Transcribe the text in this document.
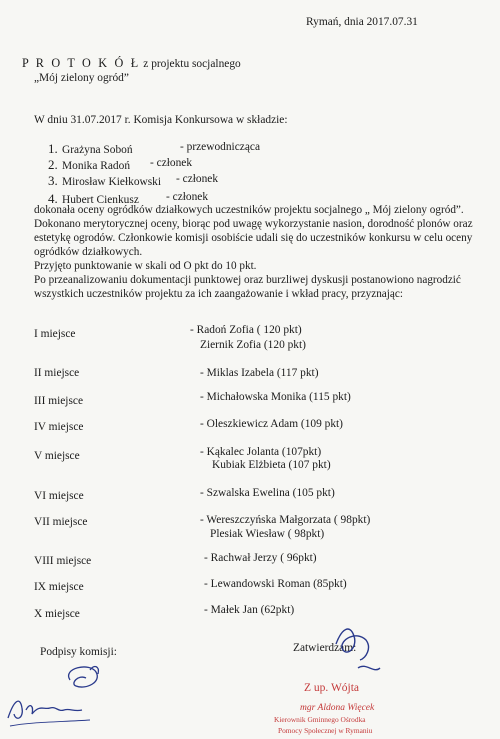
Rymań, dnia 2017.07.31
P R O T O K Ó Ł z projektu socjalnego
„Mój zielony ogród”
W dniu 31.07.2017 r. Komisja Konkursowa w składzie:
1. Grażyna Soboń	- przewodnicząca
2. Monika Radoń - członek
3. Mirosław Kiełkowski - członek
4. Hubert Cienkusz - członek
dokonała oceny ogródków działkowych uczestników projektu socjalnego „ Mój zielony ogród”.
Dokonano merytorycznej oceny, biorąc pod uwagę wykorzystanie nasion, dorodność plonów oraz
estetykę ogrodów. Członkowie komisji osobiście udali się do uczestników konkursu w celu oceny
ogródków działkowych.
Przyjęto punktowanie w skali od O pkt do 10 pkt.
Po przeanalizowaniu dokumentacji punktowej oraz burzliwej dyskusji postanowiono nagrodzić
wszystkich uczestników projektu za ich zaangażowanie i wkład pracy, przyznając:
I miejsce	- Radoń Zofia ( 120 pkt)
Ziernik Zofia (120 pkt)
II miejsce	- Miklas Izabela (117 pkt)
III miejsce	- Michałowska Monika (115 pkt)
IV miejsce	- Oleszkiewicz Adam (109 pkt)
V miejsce	- Kąkalec Jolanta (107pkt)
Kubiak Elżbieta (107 pkt)
VI miejsce	- Szwalska Ewelina (105 pkt)
VII miejsce	- Wereszczyńska Małgorzata ( 98pkt)
Plesiak Wiesław ( 98pkt)
VIII miejsce	- Rachwał Jerzy ( 96pkt)
IX miejsce	- Lewandowski Roman (85pkt)
X miejsce	- Małek Jan (62pkt)
Podpisy komisji:	Zatwierdzam:
Z up. Wójta
mgr Aldona Więcek
Kierownik Gminnego Ośrodka
Pomocy Społecznej w Rymaniu
